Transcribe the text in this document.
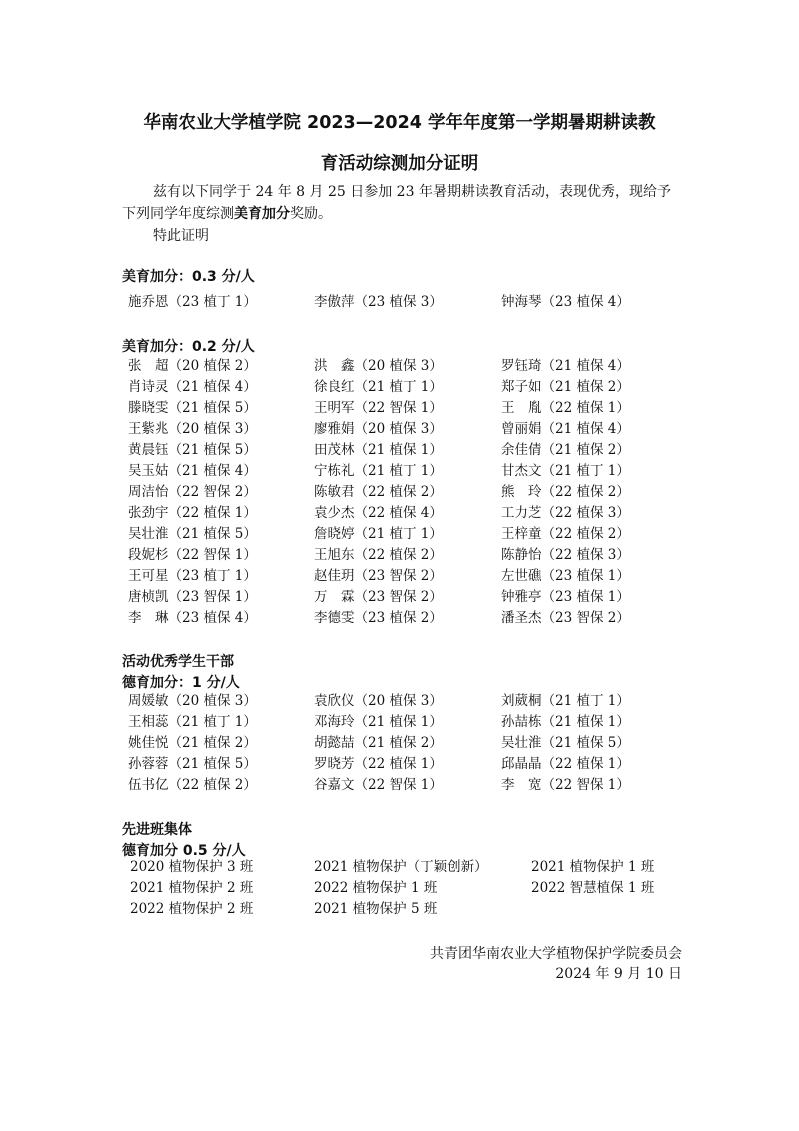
华南农业大学植学院 2023—2024 学年年度第一学期暑期耕读教
育活动综测加分证明

兹有以下同学于 24 年 8 月 25 日参加 23 年暑期耕读教育活动，表现优秀，现给予下列同学年度综测美育加分奖励。

特此证明

美育加分：0.3 分/人

施乔恩（23 植丁 1）	李傲萍（23 植保 3）	钟海琴（23 植保 4）

美育加分：0.2 分/人

张　超（20 植保 2）	洪　鑫（20 植保 3）	罗钰琦（21 植保 4）
肖诗灵（21 植保 4）	徐良红（21 植丁 1）	郑子如（21 植保 2）
滕晓雯（21 植保 5）	王明军（22 智保 1）	王　胤（22 植保 1）
王紫兆（20 植保 3）	廖雅娟（20 植保 3）	曾丽娟（21 植保 4）
黄晨钰（21 植保 5）	田茂林（21 植保 1）	余佳倩（21 植保 2）
吴玉姑（21 植保 4）	宁栋礼（21 植丁 1）	甘杰文（21 植丁 1）
周洁怡（22 智保 2）	陈敏君（22 植保 2）	熊　玲（22 植保 2）
张劲宇（22 植保 1）	袁少杰（22 植保 4）	工力芝（22 植保 3）
吴壮淮（21 植保 5）	詹晓婷（21 植丁 1）	王梓童（22 植保 2）
段妮杉（22 智保 1）	王旭东（22 植保 2）	陈静怡（22 植保 3）
王可星（23 植丁 1）	赵佳玥（23 智保 2）	左世礁（23 植保 1）
唐桢凯（23 智保 1）	万　霖（23 智保 2）	钟雅亭（23 植保 1）
李　琳（23 植保 4）	李德雯（23 植保 2）	潘圣杰（23 智保 2）

活动优秀学生干部

德育加分：1 分/人

周媛敏（20 植保 3）	袁欣仪（20 植保 3）	刘葳桐（21 植丁 1）
王相蕊（21 植丁 1）	邓海玲（21 植保 1）	孙喆栋（21 植保 1）
姚佳悦（21 植保 2）	胡懿喆（21 植保 2）	吴壮淮（21 植保 5）
孙蓉蓉（21 植保 5）	罗晓芳（22 植保 1）	邱晶晶（22 植保 1）
伍书亿（22 植保 2）	谷嘉文（22 智保 1）	李　宽（22 智保 1）

先进班集体

德育加分 0.5 分/人

2020 植物保护 3 班	2021 植物保护（丁颖创新）	2021 植物保护 1 班
2021 植物保护 2 班	2022 植物保护 1 班	2022 智慧植保 1 班
2022 植物保护 2 班	2021 植物保护 5 班

共青团华南农业大学植物保护学院委员会

2024 年 9 月 10 日
